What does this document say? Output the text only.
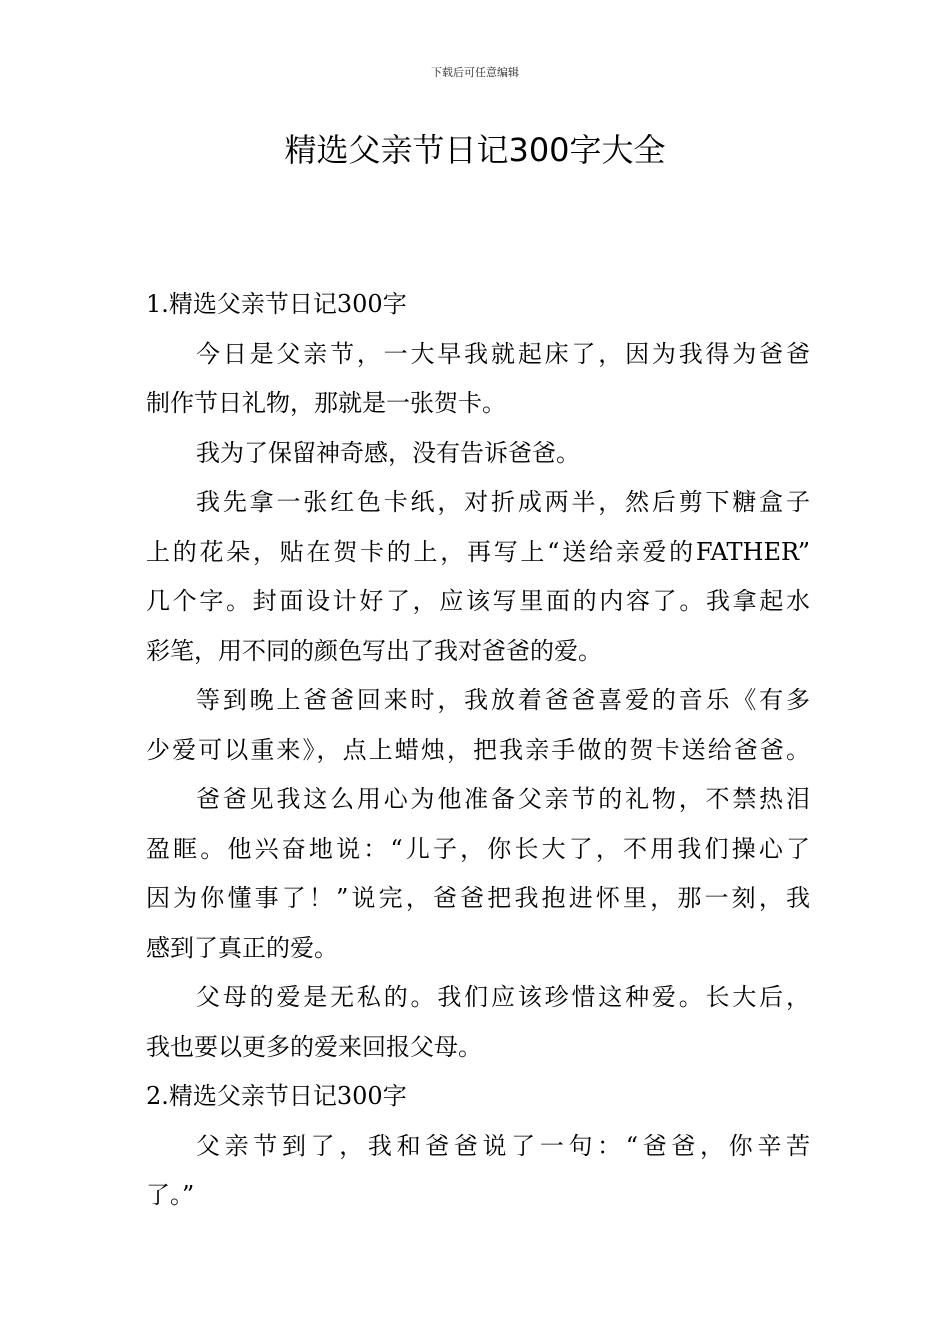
下载后可任意编辑
精选父亲节日记300字大全
1.精选父亲节日记300字
今日是父亲节，一大早我就起床了，因为我得为爸爸
制作节日礼物，那就是一张贺卡。
我为了保留神奇感，没有告诉爸爸。
我先拿一张红色卡纸，对折成两半，然后剪下糖盒子
上的花朵，贴在贺卡的上，再写上“送给亲爱的FATHER”
几个字。封面设计好了，应该写里面的内容了。我拿起水
彩笔，用不同的颜色写出了我对爸爸的爱。
等到晚上爸爸回来时，我放着爸爸喜爱的音乐《有多
少爱可以重来》，点上蜡烛，把我亲手做的贺卡送给爸爸。
爸爸见我这么用心为他准备父亲节的礼物，不禁热泪
盈眶。他兴奋地说：“儿子，你长大了，不用我们操心了
因为你懂事了！”说完，爸爸把我抱进怀里，那一刻，我
感到了真正的爱。
父母的爱是无私的。我们应该珍惜这种爱。长大后，
我也要以更多的爱来回报父母。
2.精选父亲节日记300字
父亲节到了，我和爸爸说了一句：“爸爸，你辛苦
了。”
